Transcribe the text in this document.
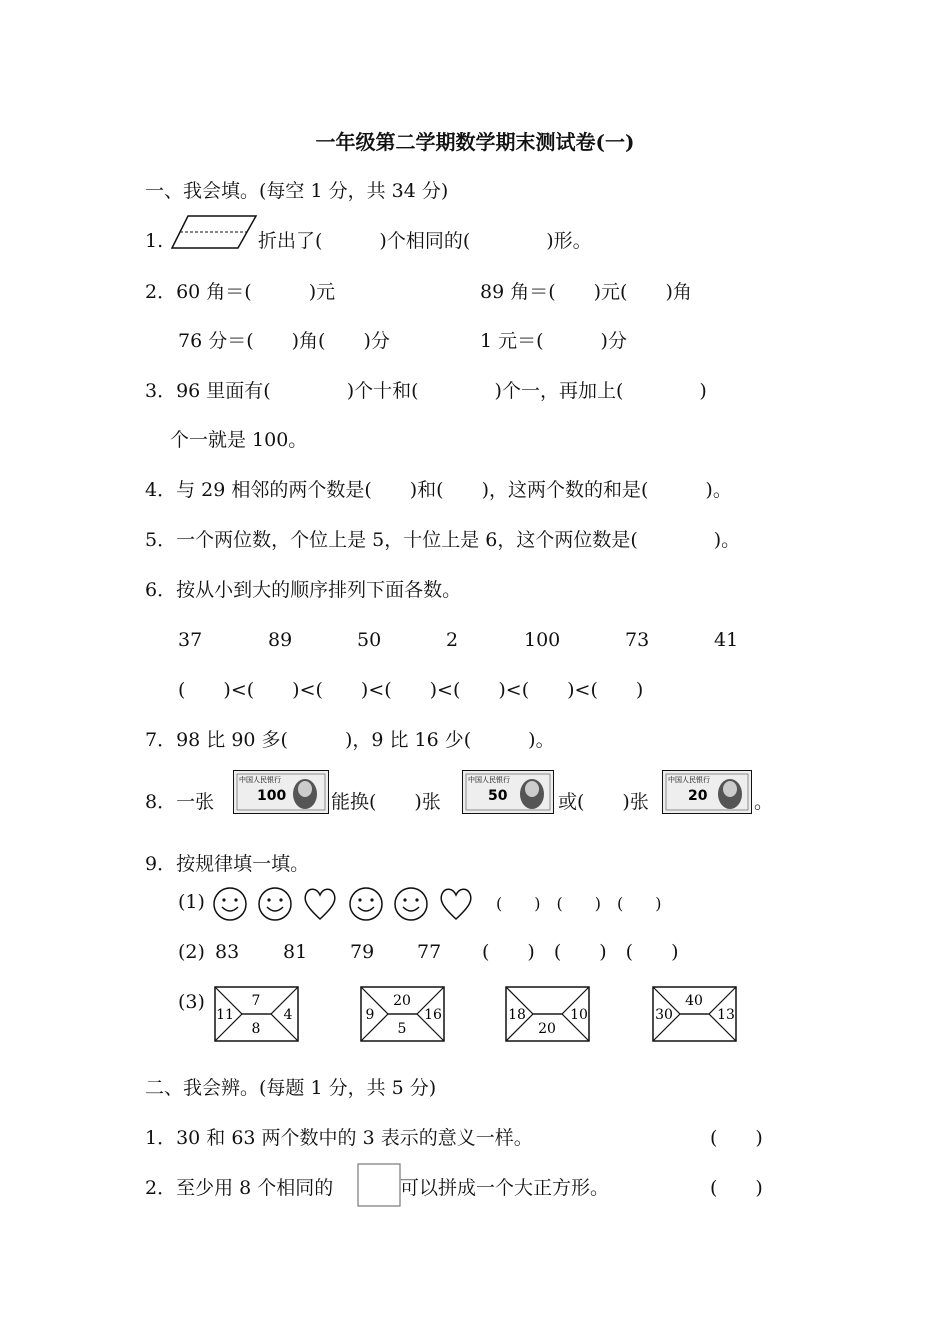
一年级第二学期数学期末测试卷(一)
一、我会填。(每空 1 分，共 34 分)
1.	折出了(　　　)个相同的(　　　　)形。
2．60 角＝(　　　)元	89 角＝(　　)元(　　)角
76 分＝(　　)角(　　)分	1 元＝(　　　)分
3．96 里面有(　　　　)个十和(　　　　)个一，再加上(　　　　)
个一就是 100。
4．与 29 相邻的两个数是(　　)和(　　)，这两个数的和是(　　　)。
5．一个两位数，个位上是 5，十位上是 6，这个两位数是(　　　　)。
6．按从小到大的顺序排列下面各数。
37	89	50	2	100	73	41
(　　)<(　　)<(　　)<(　　)<(　　)<(　　)<(　　)
7．98 比 90 多(　　　)，9 比 16 少(　　　)。
8．一张
中国人民银行
100 能换(　　)张
中国人民银行
50	或(　　)张
中国人民银行
20 。
9．按规律填一填。
(1)	(　　)　(　　)　(　　)
(2) 83 81 79 77 (　　)　(　　)　(　　)
(3)	7
11	4
8
20
9	16
5
18	10
20
40
30	13
二、我会辨。(每题 1 分，共 5 分)
1．30 和 63 两个数中的 3 表示的意义一样。	(　　)
2．至少用 8 个相同的	可以拼成一个大正方形。	(　　)
